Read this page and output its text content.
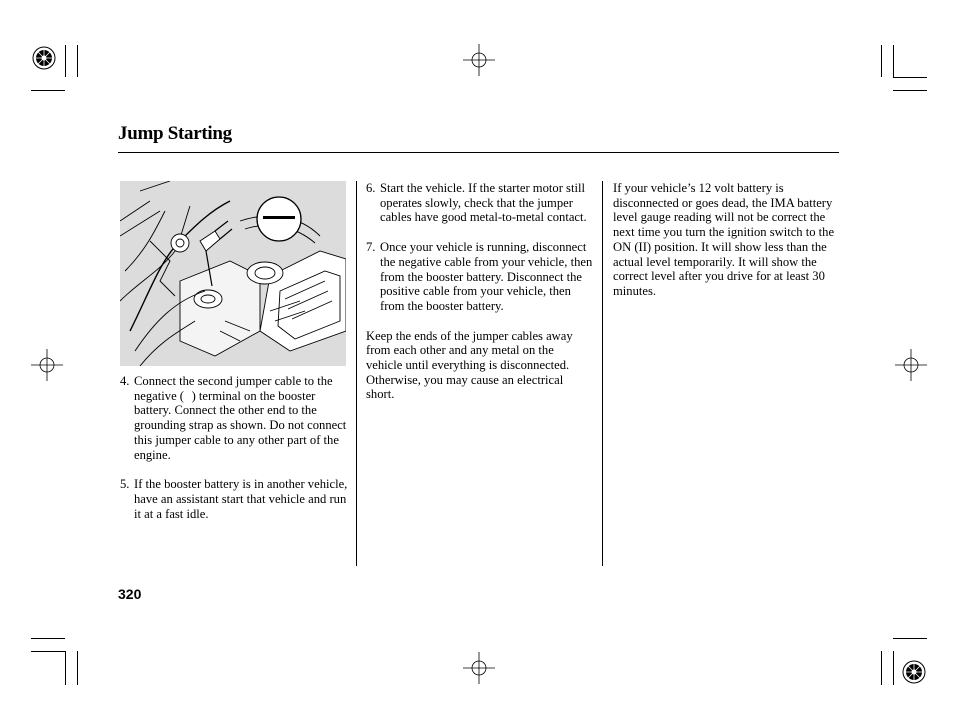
Jump Starting
4. Connect the second jumper cable to the negative (   ) terminal on the booster battery. Connect the other end to the grounding strap as shown. Do not connect this jumper cable to any other part of the engine.
5. If the booster battery is in another vehicle, have an assistant start that vehicle and run it at a fast idle.
6. Start the vehicle. If the starter motor still operates slowly, check that the jumper cables have good metal-to-metal contact.
7. Once your vehicle is running, disconnect the negative cable from your vehicle, then from the booster battery. Disconnect the positive cable from your vehicle, then from the booster battery.
Keep the ends of the jumper cables away from each other and any metal on the vehicle until everything is disconnected. Otherwise, you may cause an electrical short.
If your vehicle’s 12 volt battery is disconnected or goes dead, the IMA battery level gauge reading will not be correct the next time you turn the ignition switch to the ON (II) position. It will show less than the actual level temporarily. It will show the correct level after you drive for at least 30 minutes.
320
